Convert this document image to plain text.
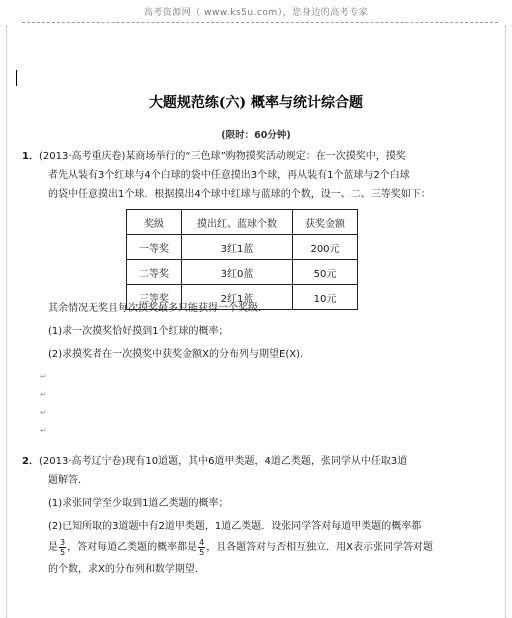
高考资源网（ www.ks5u.com），您身边的高考专家
大题规范练(六) 概率与统计综合题
(限时：60分钟)
1．(2013·高考重庆卷)某商场举行的“三色球”购物摸奖活动规定：在一次摸奖中，摸奖
者先从装有3个红球与4个白球的袋中任意摸出3个球，再从装有1个蓝球与2个白球
的袋中任意摸出1个球．根据摸出4个球中红球与蓝球的个数，设一、二、三等奖如下：
奖级	摸出红、蓝球个数	获奖金额
一等奖	3红1蓝	200元
二等奖	3红0蓝	50元
三等奖	2红1蓝	10元
其余情况无奖且每次摸奖最多只能获得一个奖级．
(1)求一次摸奖恰好摸到1个红球的概率；
(2)求摸奖者在一次摸奖中获奖金额X的分布列与期望E(X)．
↵
↵
↵
↵
2．(2013·高考辽宁卷)现有10道题，其中6道甲类题，4道乙类题，张同学从中任取3道
题解答．
(1)求张同学至少取到1道乙类题的概率；
(2)已知所取的3道题中有2道甲类题，1道乙类题．设张同学答对每道甲类题的概率都
是 $\frac{3}{5}$ ，答对每道乙类题的概率都是 $\frac{4}{5}$ ，且各题答对与否相互独立．用X表示张同学答对题
的个数，求X的分布列和数学期望．
